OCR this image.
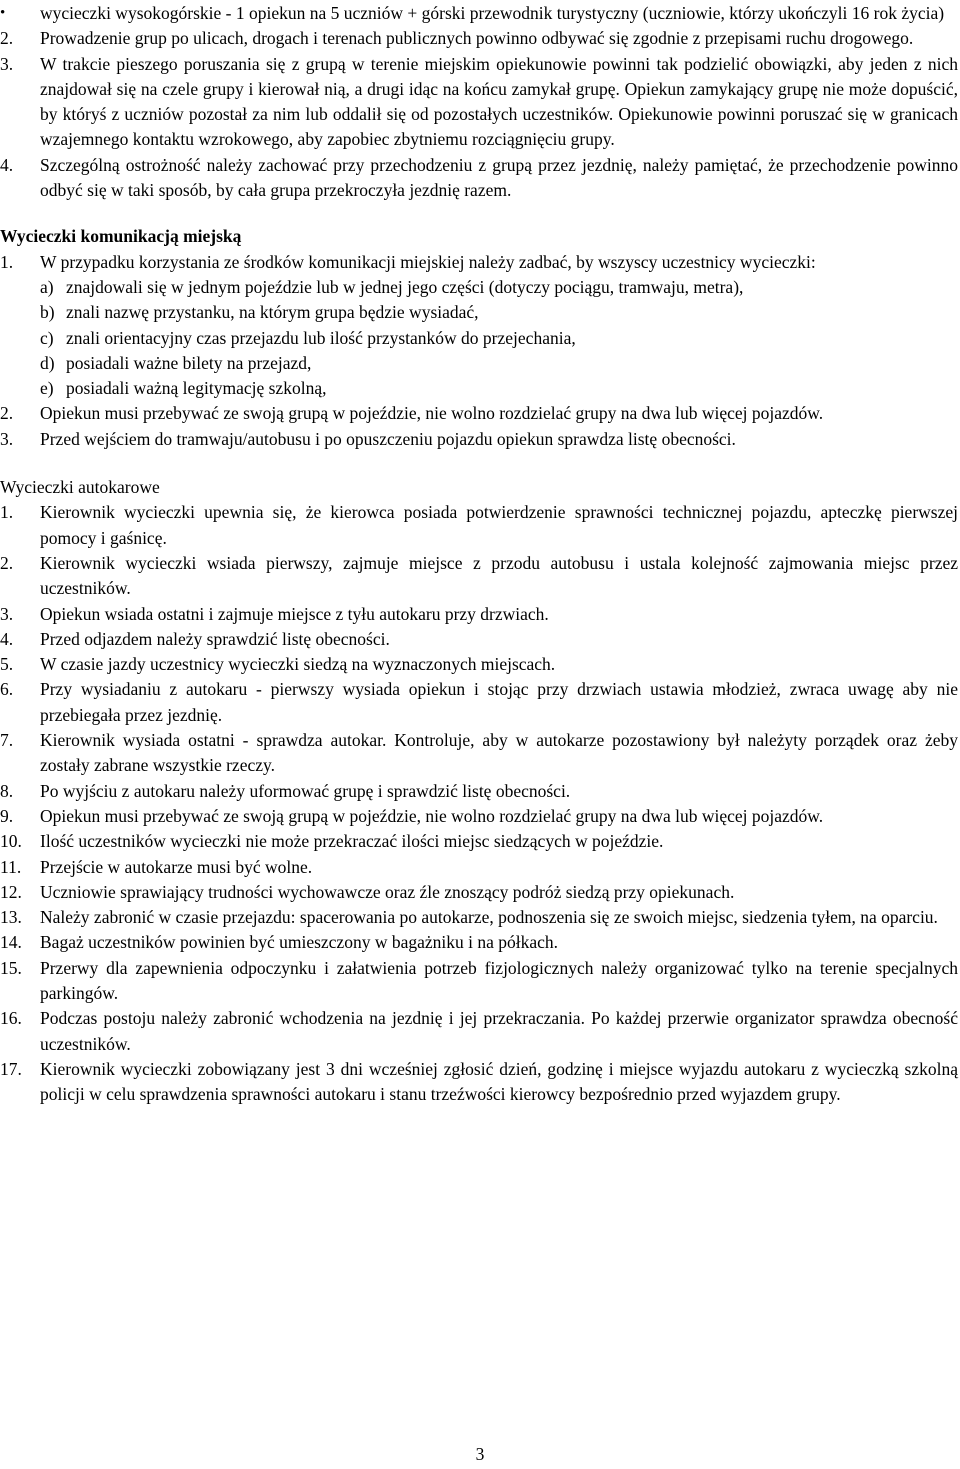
• wycieczki wysokogórskie - 1 opiekun na 5 uczniów + górski przewodnik turystyczny (uczniowie, którzy ukończyli 16 rok życia)
2.	Prowadzenie grup po ulicach, drogach i terenach publicznych powinno odbywać się zgodnie z przepisami ruchu drogowego.
3.	W trakcie pieszego poruszania się z grupą w terenie miejskim opiekunowie powinni tak podzielić obowiązki, aby jeden z nich znajdował się na czele grupy i kierował nią, a drugi idąc na końcu zamykał grupę. Opiekun zamykający grupę nie może dopuścić, by któryś z uczniów pozostał za nim lub oddalił się od pozostałych uczestników. Opiekunowie powinni poruszać się w granicach wzajemnego kontaktu wzrokowego, aby zapobiec zbytniemu rozciągnięciu grupy.
4.	Szczególną ostrożność należy zachować przy przechodzeniu z grupą przez jezdnię, należy pamiętać, że przechodzenie powinno odbyć się w taki sposób, by cała grupa przekroczyła jezdnię razem.
Wycieczki komunikacją miejską
1.	W przypadku korzystania ze środków komunikacji miejskiej należy zadbać, by wszyscy uczestnicy wycieczki:
a) znajdowali się w jednym pojeździe lub w jednej jego części (dotyczy pociągu, tramwaju, metra),
b) znali nazwę przystanku, na którym grupa będzie wysiadać,
c) znali orientacyjny czas przejazdu lub ilość przystanków do przejechania,
d) posiadali ważne bilety na przejazd,
e) posiadali ważną legitymację szkolną,
2.	Opiekun musi przebywać ze swoją grupą w pojeździe, nie wolno rozdzielać grupy na dwa lub więcej pojazdów.
3.	Przed wejściem do tramwaju/autobusu i po opuszczeniu pojazdu opiekun sprawdza listę obecności.
Wycieczki autokarowe
1.	Kierownik wycieczki upewnia się, że kierowca posiada potwierdzenie sprawności technicznej pojazdu, apteczkę pierwszej pomocy i gaśnicę.
2.	Kierownik wycieczki wsiada pierwszy, zajmuje miejsce z przodu autobusu i ustala kolejność zajmowania miejsc przez uczestników.
3.	Opiekun wsiada ostatni i zajmuje miejsce z tyłu autokaru przy drzwiach.
4.	Przed odjazdem należy sprawdzić listę obecności.
5.	W czasie jazdy uczestnicy wycieczki siedzą na wyznaczonych miejscach.
6.	Przy wysiadaniu z autokaru - pierwszy wysiada opiekun i stojąc przy drzwiach ustawia młodzież, zwraca uwagę aby nie przebiegała przez jezdnię.
7.	Kierownik wysiada ostatni - sprawdza autokar. Kontroluje, aby w autokarze pozostawiony był należyty porządek oraz żeby zostały zabrane wszystkie rzeczy.
8.	Po wyjściu z autokaru należy uformować grupę i sprawdzić listę obecności.
9.	Opiekun musi przebywać ze swoją grupą w pojeździe, nie wolno rozdzielać grupy na dwa lub więcej pojazdów.
10.	Ilość uczestników wycieczki nie może przekraczać ilości miejsc siedzących w pojeździe.
11.	Przejście w autokarze musi być wolne.
12.	Uczniowie sprawiający trudności wychowawcze oraz źle znoszący podróż siedzą przy opiekunach.
13.	Należy zabronić w czasie przejazdu: spacerowania po autokarze, podnoszenia się ze swoich miejsc, siedzenia tyłem, na oparciu.
14.	Bagaż uczestników powinien być umieszczony w bagażniku i na półkach.
15.	Przerwy dla zapewnienia odpoczynku i załatwienia potrzeb fizjologicznych należy organizować tylko na terenie specjalnych parkingów.
16.	Podczas postoju należy zabronić wchodzenia na jezdnię i jej przekraczania. Po każdej przerwie organizator sprawdza obecność uczestników.
17.	Kierownik wycieczki zobowiązany jest 3 dni wcześniej zgłosić dzień, godzinę i miejsce wyjazdu autokaru z wycieczką szkolną policji w celu sprawdzenia sprawności autokaru i stanu trzeźwości kierowcy bezpośrednio przed wyjazdem grupy.
3
